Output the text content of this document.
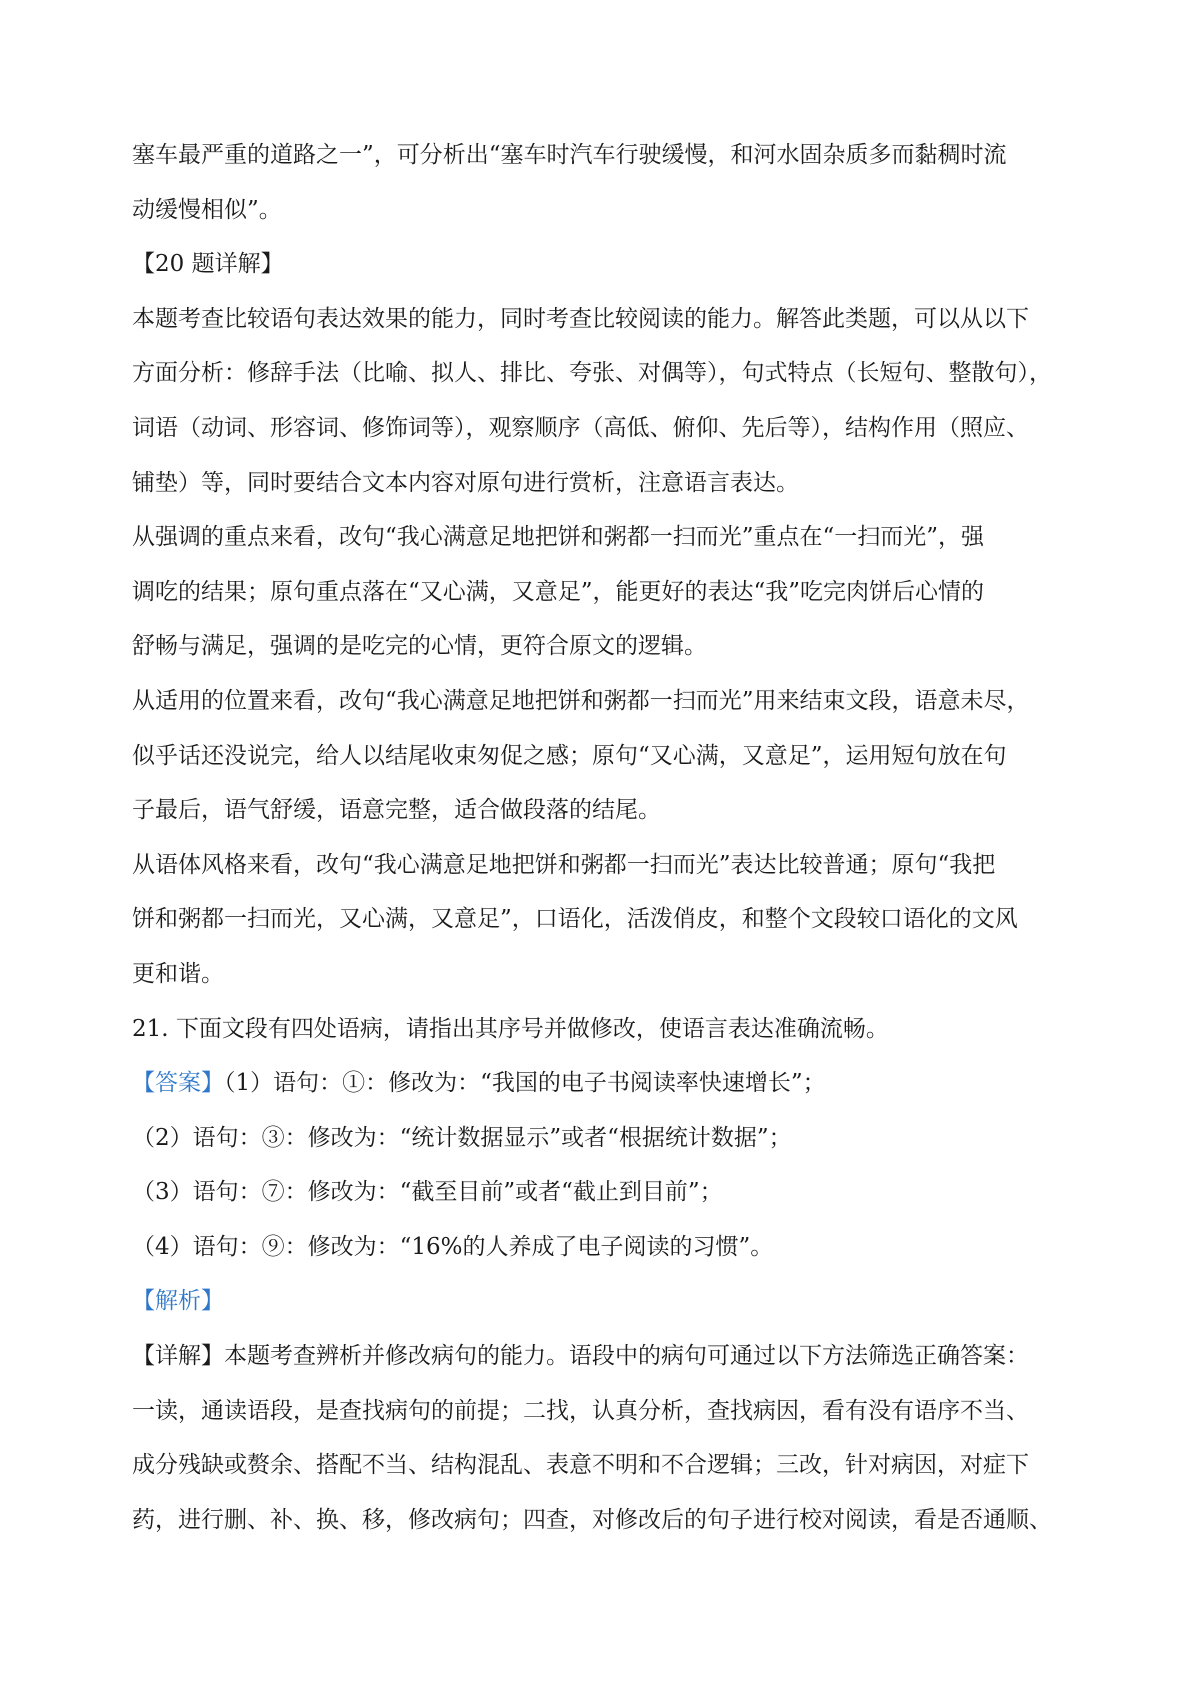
塞车最严重的道路之一”，可分析出“塞车时汽车行驶缓慢，和河水固杂质多而黏稠时流
动缓慢相似”。
【20 题详解】
本题考查比较语句表达效果的能力，同时考查比较阅读的能力。解答此类题，可以从以下
方面分析：修辞手法（比喻、拟人、排比、夸张、对偶等），句式特点（长短句、整散句），
词语（动词、形容词、修饰词等），观察顺序（高低、俯仰、先后等），结构作用（照应、
铺垫）等，同时要结合文本内容对原句进行赏析，注意语言表达。
从强调的重点来看，改句“我心满意足地把饼和粥都一扫而光”重点在“一扫而光”，强
调吃的结果；原句重点落在“又心满，又意足”，能更好的表达“我”吃完肉饼后心情的
舒畅与满足，强调的是吃完的心情，更符合原文的逻辑。
从适用的位置来看，改句“我心满意足地把饼和粥都一扫而光”用来结束文段，语意未尽，
似乎话还没说完，给人以结尾收束匆促之感；原句“又心满，又意足”，运用短句放在句
子最后，语气舒缓，语意完整，适合做段落的结尾。
从语体风格来看，改句“我心满意足地把饼和粥都一扫而光”表达比较普通；原句“我把
饼和粥都一扫而光，又心满，又意足”，口语化，活泼俏皮，和整个文段较口语化的文风
更和谐。
21. 下面文段有四处语病，请指出其序号并做修改，使语言表达准确流畅。
【答案】（1）语句：①：修改为：“我国的电子书阅读率快速增长”；
（2）语句：③：修改为：“统计数据显示”或者“根据统计数据”；
（3）语句：⑦：修改为：“截至目前”或者“截止到目前”；
（4）语句：⑨：修改为：“16%的人养成了电子阅读的习惯”。
【解析】
【详解】本题考查辨析并修改病句的能力。语段中的病句可通过以下方法筛选正确答案：
一读，通读语段，是查找病句的前提；二找，认真分析，查找病因，看有没有语序不当、
成分残缺或赘余、搭配不当、结构混乱、表意不明和不合逻辑；三改，针对病因，对症下
药，进行删、补、换、移，修改病句；四查，对修改后的句子进行校对阅读，看是否通顺、
